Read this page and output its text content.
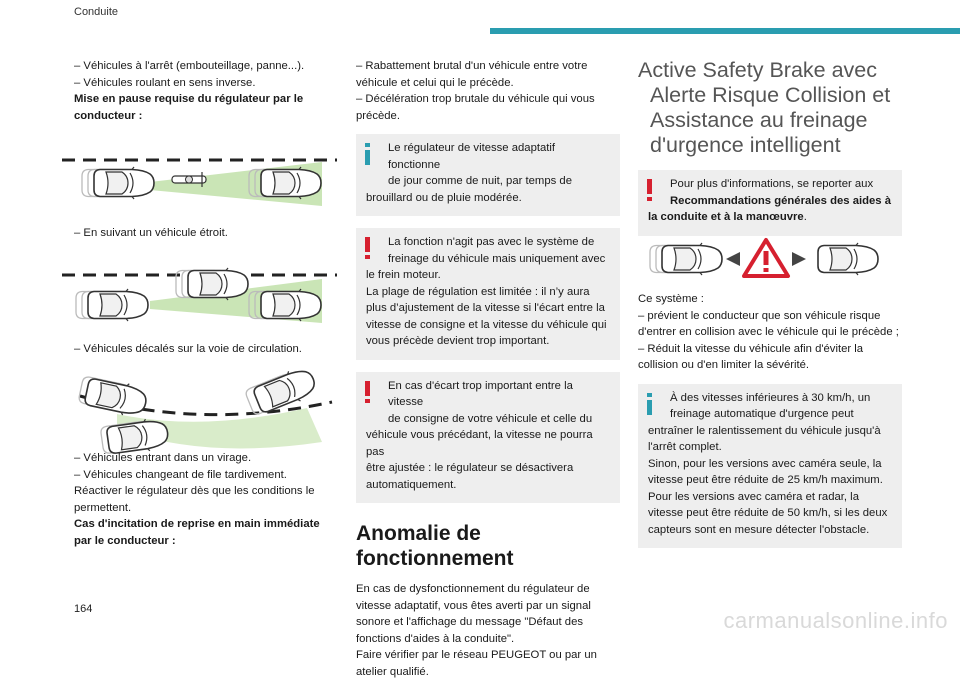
Conduite

– Véhicules à l'arrêt (embouteillage, panne...).

– Véhicules roulant en sens inverse.

Mise en pause requise du régulateur par le

conducteur :

– En suivant un véhicule étroit.

– Véhicules décalés sur la voie de circulation.

– Véhicules entrant dans un virage.

– Véhicules changeant de file tardivement.

Réactiver le régulateur dès que les conditions le

permettent.

Cas d'incitation de reprise en main immédiate

par le conducteur :

– Rabattement brutal d'un véhicule entre votre

véhicule et celui qui le précède.

– Décélération trop brutale du véhicule qui vous

précède.

Le régulateur de vitesse adaptatif fonctionne

de jour comme de nuit, par temps de

brouillard ou de pluie modérée.

La fonction n'agit pas avec le système de

freinage du véhicule mais uniquement avec

le frein moteur.

La plage de régulation est limitée : il n’y aura

plus d’ajustement de la vitesse si l'écart entre la

vitesse de consigne et la vitesse du véhicule qui

vous précède devient trop important.

En cas d'écart trop important entre la vitesse

de consigne de votre véhicule et celle du

véhicule vous précédant, la vitesse ne pourra pas

être ajustée : le régulateur se désactivera

automatiquement.

Anomalie de fonctionnement

En cas de dysfonctionnement du régulateur de

vitesse adaptatif, vous êtes averti par un signal

sonore et l'affichage du message "Défaut des

fonctions d'aides à la conduite".

Faire vérifier par le réseau PEUGEOT ou par un

atelier qualifié.

Active Safety Brake avec
Alerte Risque Collision et
Assistance au freinage
d'urgence intelligent

Pour plus d'informations, se reporter aux

Recommandations générales des aides à

la conduite et à la manœuvre.

Ce système :

– prévient le conducteur que son véhicule risque

d'entrer en collision avec le véhicule qui le précède ;

– Réduit la vitesse du véhicule afin d'éviter la

collision ou d'en limiter la sévérité.

À des vitesses inférieures à 30 km/h, un

freinage automatique d'urgence peut

entraîner le ralentissement du véhicule jusqu'à

l'arrêt complet.

Sinon, pour les versions avec caméra seule, la

vitesse peut être réduite de 25 km/h maximum.

Pour les versions avec caméra et radar, la

vitesse peut être réduite de 50 km/h, si les deux

capteurs sont en mesure détecter l'obstacle.

164	carmanualsonline.info
